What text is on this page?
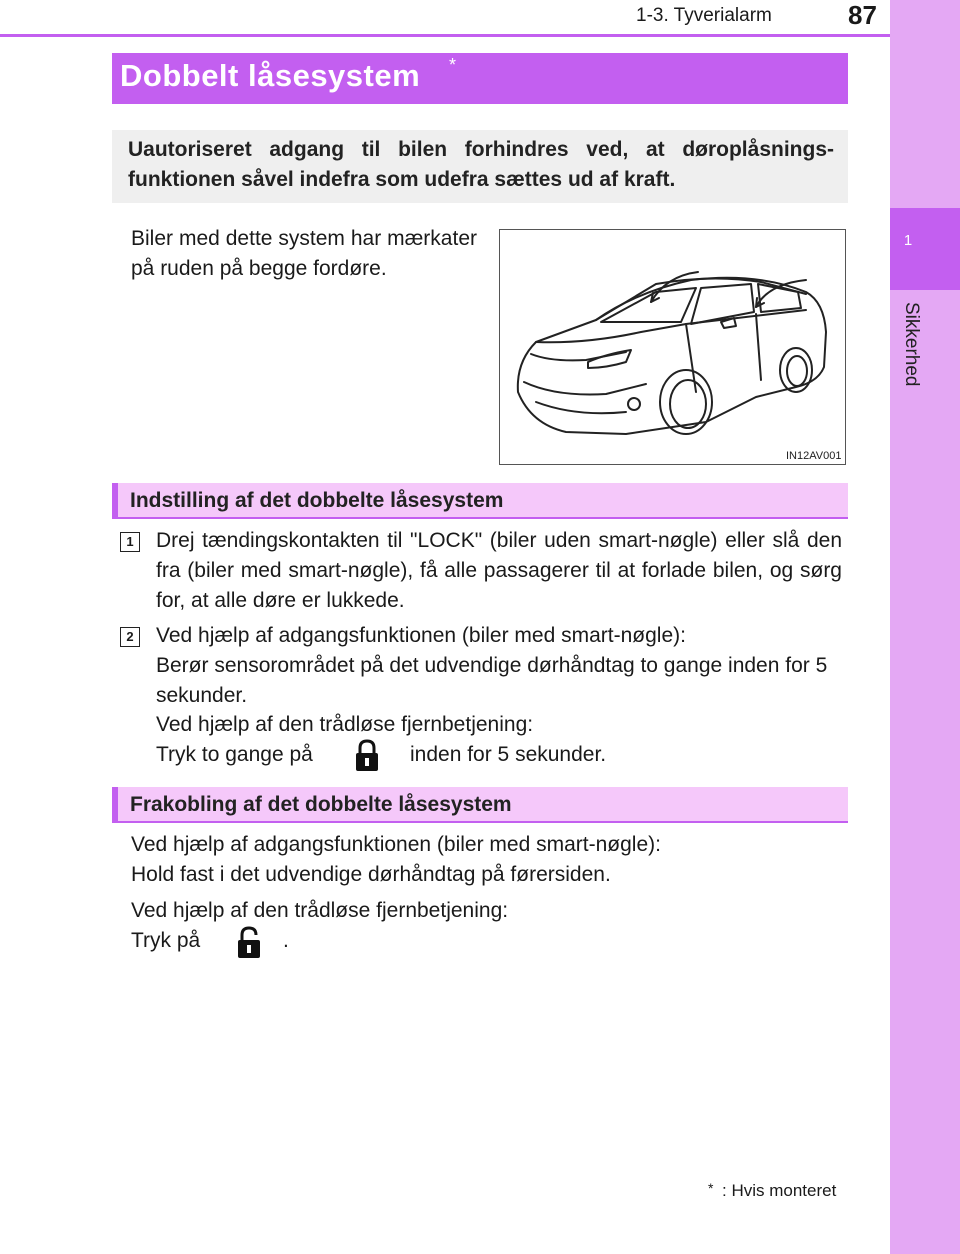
1
Sikkerhed
1-3. Tyverialarm	87
Dobbelt låsesystem *
Uautoriseret adgang til bilen forhindres ved, at døroplåsnings-funktionen såvel indefra som udefra sættes ud af kraft.
Biler med dette system har mærkater på ruden på begge fordøre.
IN12AV001
Indstilling af det dobbelte låsesystem
1	Drej tændingskontakten til "LOCK" (biler uden smart-nøgle) eller slå den fra (biler med smart-nøgle), få alle passagerer til at forlade bilen, og sørg for, at alle døre er lukkede.
2	Ved hjælp af adgangsfunktionen (biler med smart-nøgle):
Berør sensorområdet på det udvendige dørhåndtag to gange inden for 5 sekunder.
Ved hjælp af den trådløse fjernbetjening:
Tryk to gange på	inden for 5 sekunder.
Frakobling af det dobbelte låsesystem
Ved hjælp af adgangsfunktionen (biler med smart-nøgle):
Hold fast i det udvendige dørhåndtag på førersiden.
Ved hjælp af den trådløse fjernbetjening:
Tryk på	.
* : Hvis monteret
